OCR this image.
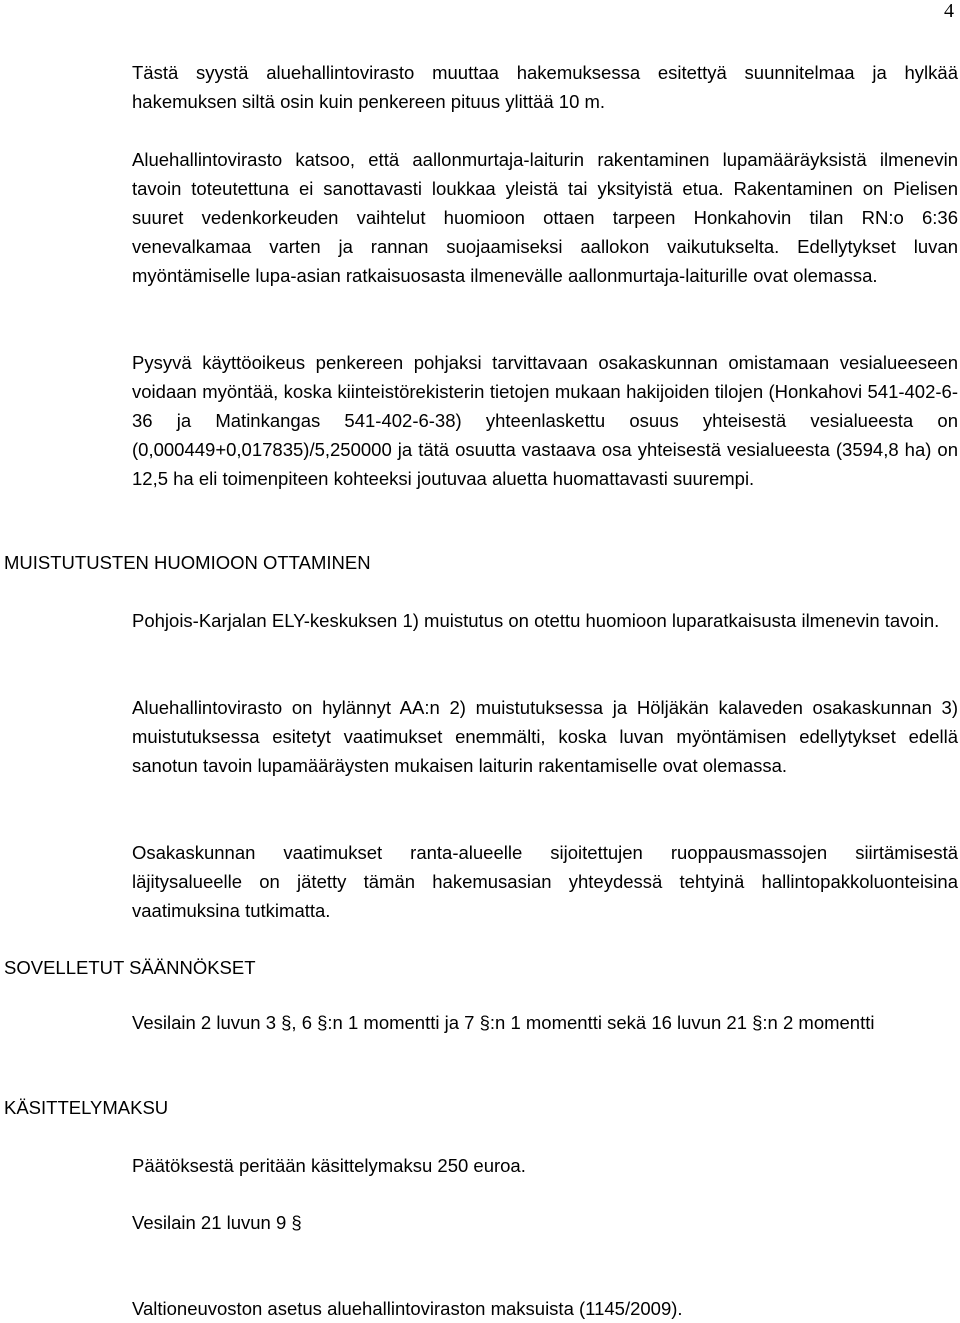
4

Tästä syystä aluehallintovirasto muuttaa hakemuksessa esitettyä suunnitelmaa ja hylkää hakemuksen siltä osin kuin penkereen pituus ylittää 10 m.

Aluehallintovirasto katsoo, että aallonmurtaja-laiturin rakentaminen lupamääräyksistä ilmenevin tavoin toteutettuna ei sanottavasti loukkaa yleistä tai yksityistä etua. Rakentaminen on Pielisen suuret vedenkorkeuden vaihtelut huomioon ottaen tarpeen Honkahovin tilan RN:o 6:36 venevalkamaa varten ja rannan suojaamiseksi aallokon vaikutukselta. Edellytykset luvan myöntämiselle lupa-asian ratkaisuosasta ilmenevälle aallonmurtaja-laiturille ovat olemassa.

Pysyvä käyttöoikeus penkereen pohjaksi tarvittavaan osakaskunnan omistamaan vesialueeseen voidaan myöntää, koska kiinteistörekisterin tietojen mukaan hakijoiden tilojen (Honkahovi 541-402-6-36 ja Matinkangas 541-402-6-38) yhteenlaskettu osuus yhteisestä vesialueesta on (0,000449+0,017835)/5,250000 ja tätä osuutta vastaava osa yhteisestä vesialueesta (3594,8 ha) on 12,5 ha eli toimenpiteen kohteeksi joutuvaa aluetta huomattavasti suurempi.

MUISTUTUSTEN HUOMIOON OTTAMINEN

Pohjois-Karjalan ELY-keskuksen 1) muistutus on otettu huomioon luparatkaisusta ilmenevin tavoin.

Aluehallintovirasto on hylännyt AA:n 2) muistutuksessa ja Höljäkän kalaveden osakaskunnan 3) muistutuksessa esitetyt vaatimukset enemmälti, koska luvan myöntämisen edellytykset edellä sanotun tavoin lupamääräysten mukaisen laiturin rakentamiselle ovat olemassa.

Osakaskunnan vaatimukset ranta-alueelle sijoitettujen ruoppausmassojen siirtämisestä läjitysalueelle on jätetty tämän hakemusasian yhteydessä tehtyinä hallintopakkoluonteisina vaatimuksina tutkimatta.

SOVELLETUT SÄÄNNÖKSET

Vesilain 2 luvun 3 §, 6 §:n 1 momentti ja 7 §:n 1 momentti sekä 16 luvun 21 §:n 2 momentti

KÄSITTELYMAKSU

Päätöksestä peritään käsittelymaksu 250 euroa.

Vesilain 21 luvun 9 §

Valtioneuvoston asetus aluehallintoviraston maksuista (1145/2009).
